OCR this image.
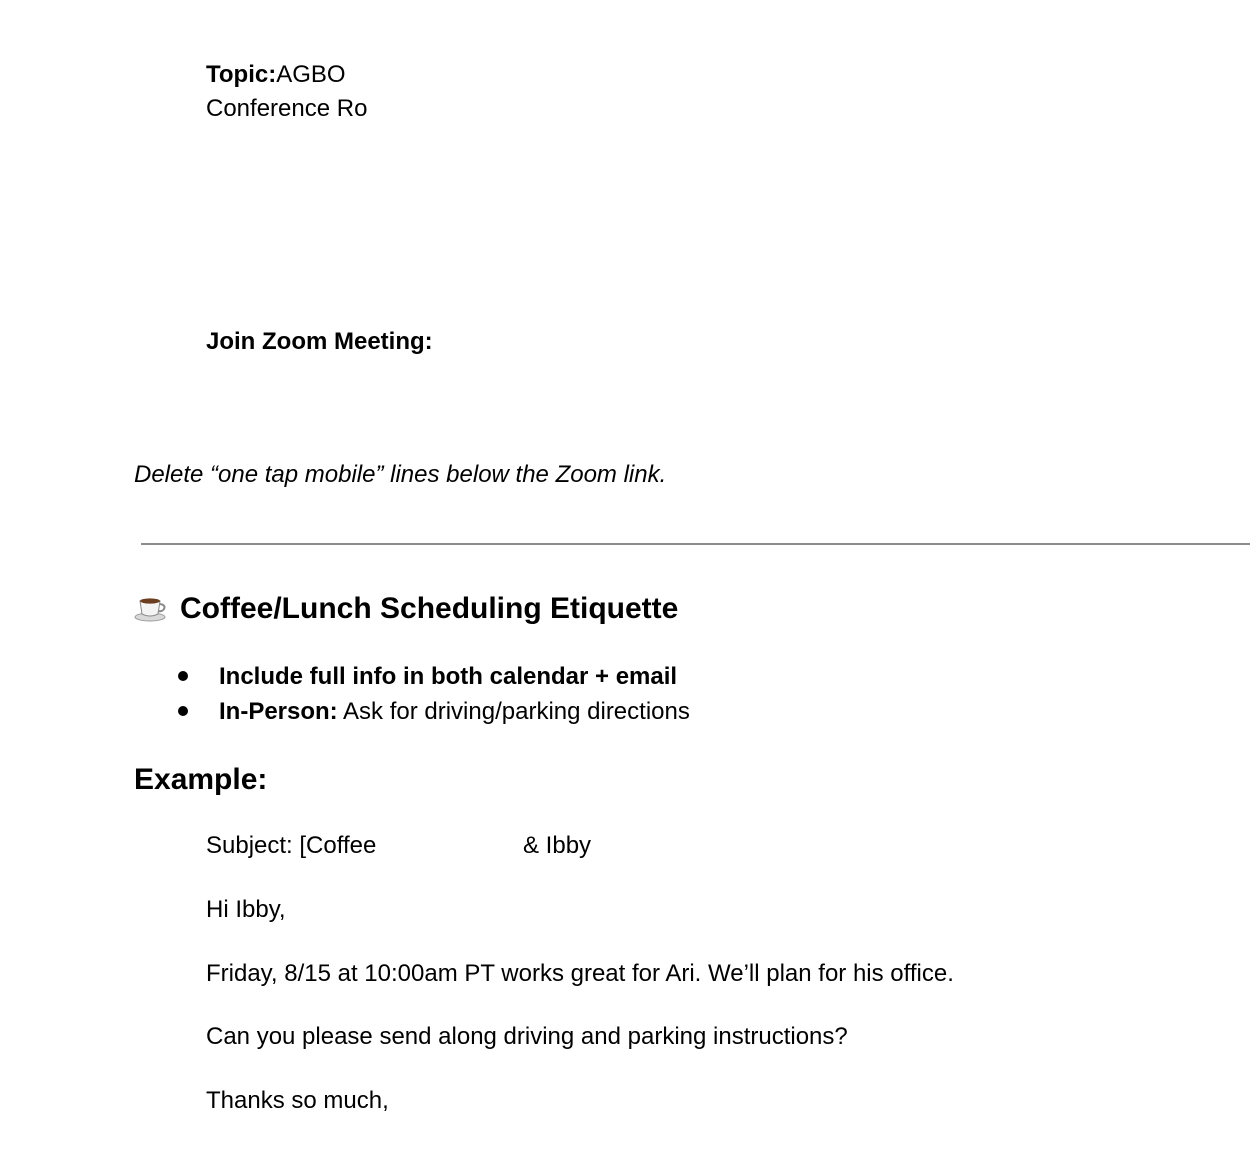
Topic:AGBO
Conference Ro
Join Zoom Meeting:
Delete “one tap mobile” lines below the Zoom link.
Coffee/Lunch Scheduling Etiquette
Include full info in both calendar + email
In-Person: Ask for driving/parking directions
Example:
Subject: [Coffee	& Ibby
Hi Ibby,
Friday, 8/15 at 10:00am PT works great for Ari. We’ll plan for his office.
Can you please send along driving and parking instructions?
Thanks so much,
